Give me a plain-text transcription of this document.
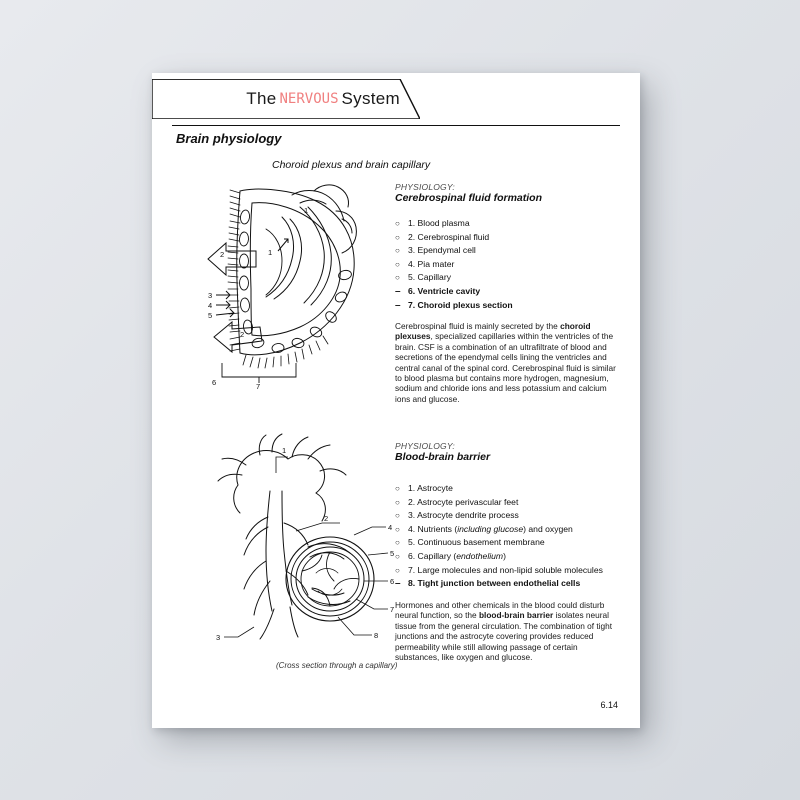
The NERVOUS System
Brain physiology
Choroid plexus and brain capillary
1
2
2
3
4
5
1
6	7
PHYSIOLOGY:
Cerebrospinal fluid formation
○ 1. Blood plasma
○ 2. Cerebrospinal fluid
○ 3. Ependymal cell
○ 4. Pia mater
○ 5. Capillary
– 6. Ventricle cavity
– 7. Choroid plexus section
Cerebrospinal fluid is mainly secreted by the choroid plexuses, specialized capillaries within the ventricles of the brain. CSF is a combination of an ultrafiltrate of blood and secretions of the ependymal cells lining the ventricles and central canal of the spinal cord. Cerebrospinal fluid is similar to blood plasma but contains more hydrogen, magnesium, sodium and chloride ions and less potassium and calcium ions and glucose.
1
2
3
4
5
6
7
8
(Cross section through a capillary)
PHYSIOLOGY:
Blood-brain barrier
○ 1. Astrocyte
○ 2. Astrocyte perivascular feet
○ 3. Astrocyte dendrite process
○ 4. Nutrients (including glucose) and oxygen
○ 5. Continuous basement membrane
○ 6. Capillary (endothelium)
○ 7. Large molecules and non-lipid soluble molecules
– 8. Tight junction between endothelial cells
Hormones and other chemicals in the blood could disturb neural function, so the blood-brain barrier isolates neural tissue from the general circulation. The combination of tight junctions and the astrocyte covering provides reduced permeability while still allowing passage of certain substances, like oxygen and glucose.
6.14
